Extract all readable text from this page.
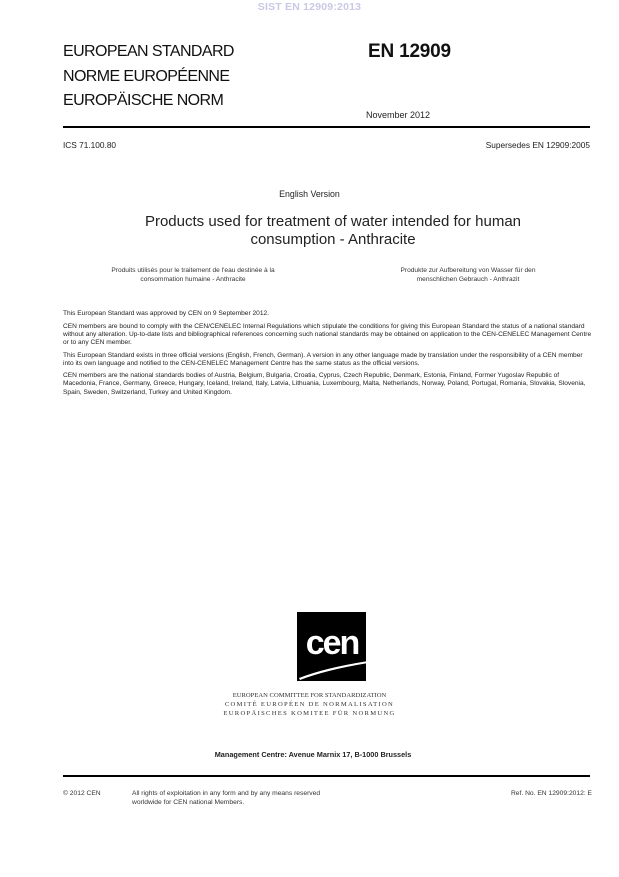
SIST EN 12909:2013
EUROPEAN STANDARD
NORME EUROPÉENNE
EUROPÄISCHE NORM
EN 12909
November 2012
ICS 71.100.80	Supersedes EN 12909:2005
English Version
Products used for treatment of water intended for human
consumption - Anthracite
Produits utilisés pour le traitement de l'eau destinée à la
consommation humaine - Anthracite
Produkte zur Aufbereitung von Wasser für den
menschlichen Gebrauch - Anthrazit

This European Standard was approved by CEN on 9 September 2012.

CEN members are bound to comply with the CEN/CENELEC Internal Regulations which stipulate the conditions for giving this European Standard the status of a national standard without any alteration. Up-to-date lists and bibliographical references concerning such national standards may be obtained on application to the CEN-CENELEC Management Centre or to any CEN member.

This European Standard exists in three official versions (English, French, German). A version in any other language made by translation under the responsibility of a CEN member into its own language and notified to the CEN-CENELEC Management Centre has the same status as the official versions.

CEN members are the national standards bodies of Austria, Belgium, Bulgaria, Croatia, Cyprus, Czech Republic, Denmark, Estonia, Finland, Former Yugoslav Republic of Macedonia, France, Germany, Greece, Hungary, Iceland, Ireland, Italy, Latvia, Lithuania, Luxembourg, Malta, Netherlands, Norway, Poland, Portugal, Romania, Slovakia, Slovenia, Spain, Sweden, Switzerland, Turkey and United Kingdom.

cen
EUROPEAN COMMITTEE FOR STANDARDIZATION
COMITÉ EUROPÉEN DE NORMALISATION
EUROPÄISCHES KOMITEE FÜR NORMUNG
Management Centre: Avenue Marnix 17, B-1000 Brussels
© 2012 CEN	All rights of exploitation in any form and by any means reserved
worldwide for CEN national Members.
Ref. No. EN 12909:2012: E
